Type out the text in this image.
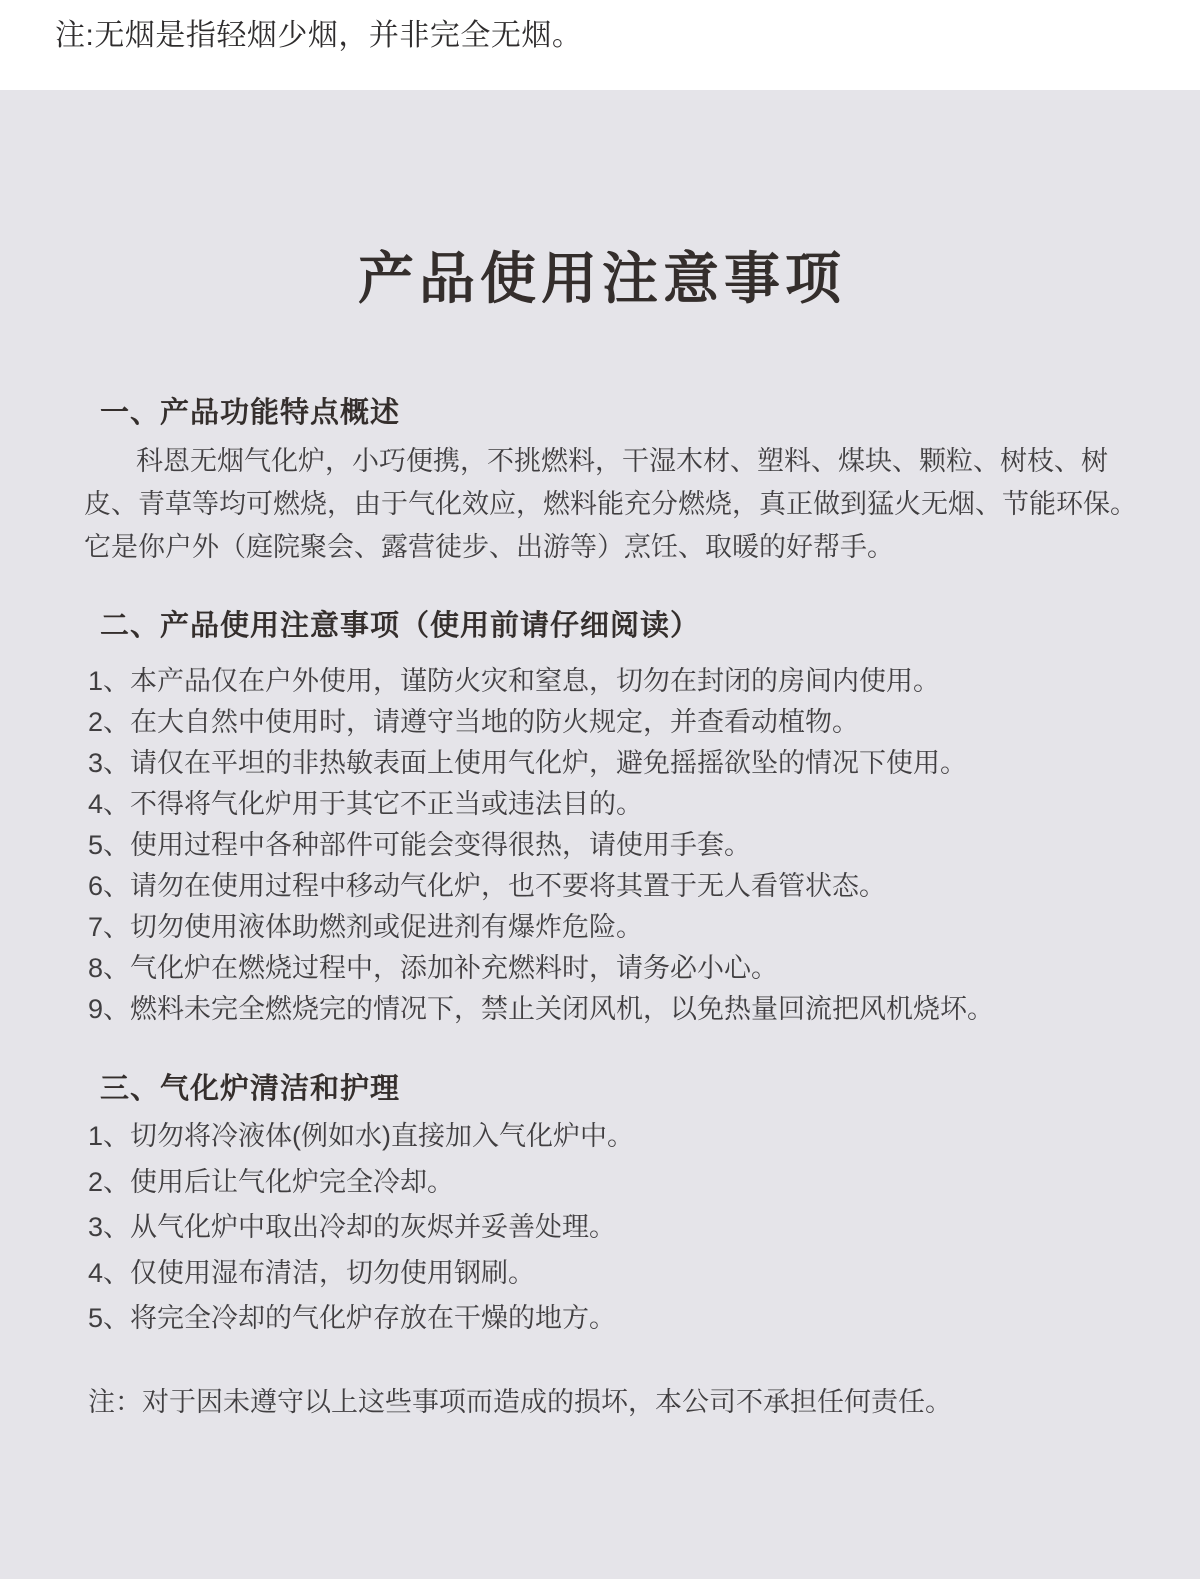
注:无烟是指轻烟少烟，并非完全无烟。
产品使用注意事项
一、产品功能特点概述
科恩无烟气化炉，小巧便携，不挑燃料，干湿木材、塑料、煤块、颗粒、树枝、树
皮、青草等均可燃烧，由于气化效应，燃料能充分燃烧，真正做到猛火无烟、节能环保。
它是你户外（庭院聚会、露营徒步、出游等）烹饪、取暖的好帮手。
二、产品使用注意事项（使用前请仔细阅读）
1、本产品仅在户外使用，谨防火灾和窒息，切勿在封闭的房间内使用。
2、在大自然中使用时，请遵守当地的防火规定，并查看动植物。
3、请仅在平坦的非热敏表面上使用气化炉，避免摇摇欲坠的情况下使用。
4、不得将气化炉用于其它不正当或违法目的。
5、使用过程中各种部件可能会变得很热，请使用手套。
6、请勿在使用过程中移动气化炉，也不要将其置于无人看管状态。
7、切勿使用液体助燃剂或促进剂有爆炸危险。
8、气化炉在燃烧过程中，添加补充燃料时，请务必小心。
9、燃料未完全燃烧完的情况下，禁止关闭风机，以免热量回流把风机烧坏。
三、气化炉清洁和护理
1、切勿将冷液体(例如水)直接加入气化炉中。
2、使用后让气化炉完全冷却。
3、从气化炉中取出冷却的灰烬并妥善处理。
4、仅使用湿布清洁，切勿使用钢刷。
5、将完全冷却的气化炉存放在干燥的地方。

注：对于因未遵守以上这些事项而造成的损坏，本公司不承担任何责任。
